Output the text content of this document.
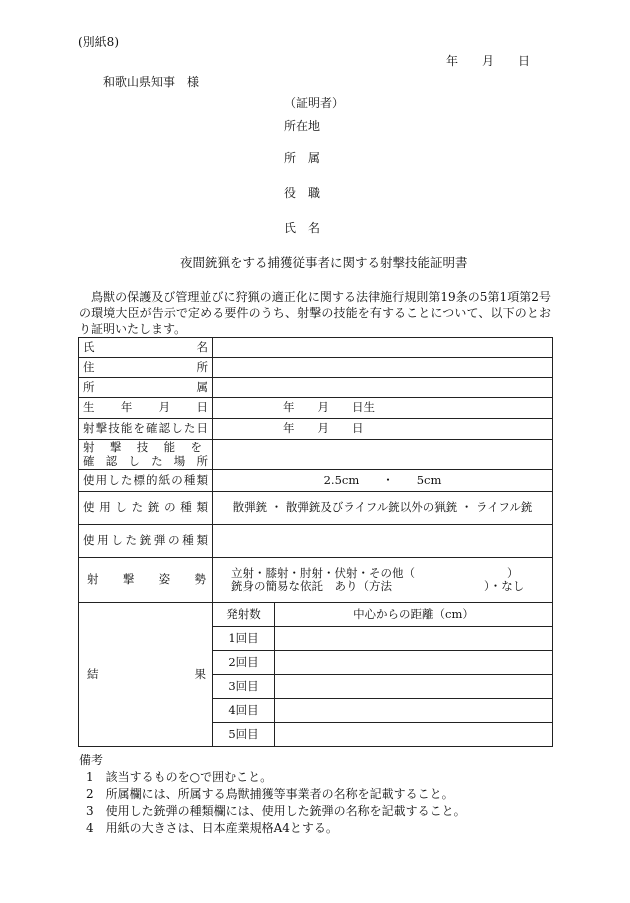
(別紙8)
年　　月　　日
和歌山県知事　様
（証明者）
所在地
所　属
役　職
氏　名
夜間銃猟をする捕獲従事者に関する射撃技能証明書
鳥獣の保護及び管理並びに狩猟の適正化に関する法律施行規則第19条の5第1項第2号の環境大臣が告示で定める要件のうち、射撃の技能を有することについて、以下のとおり証明いたします。
氏名		
住所		
所属		
生年月日	年　　月　　日生	
射撃技能を確認した日	年　　月　　日	

射撃技能を
確認した場所		

使用した標的紙の種類	2.5cm　　・　　5cm	
使用した銃の種類	散弾銃 ・ 散弾銃及びライフル銃以外の猟銃 ・ ライフル銃	
使用した銃弾の種類		
射撃姿勢	立射・膝射・肘射・伏射・その他（　　　　　　　　）
銃身の簡易な依託　あり（方法　　　　　　　　）・なし	

結果	発射数	中心からの距離（cm）
	1回目	
	2回目	
	3回目	
	4回目	
	5回目	
備考
1　該当するものを○で囲むこと。
2　所属欄には、所属する鳥獣捕獲等事業者の名称を記載すること。
3　使用した銃弾の種類欄には、使用した銃弾の名称を記載すること。
4　用紙の大きさは、日本産業規格A4とする。
